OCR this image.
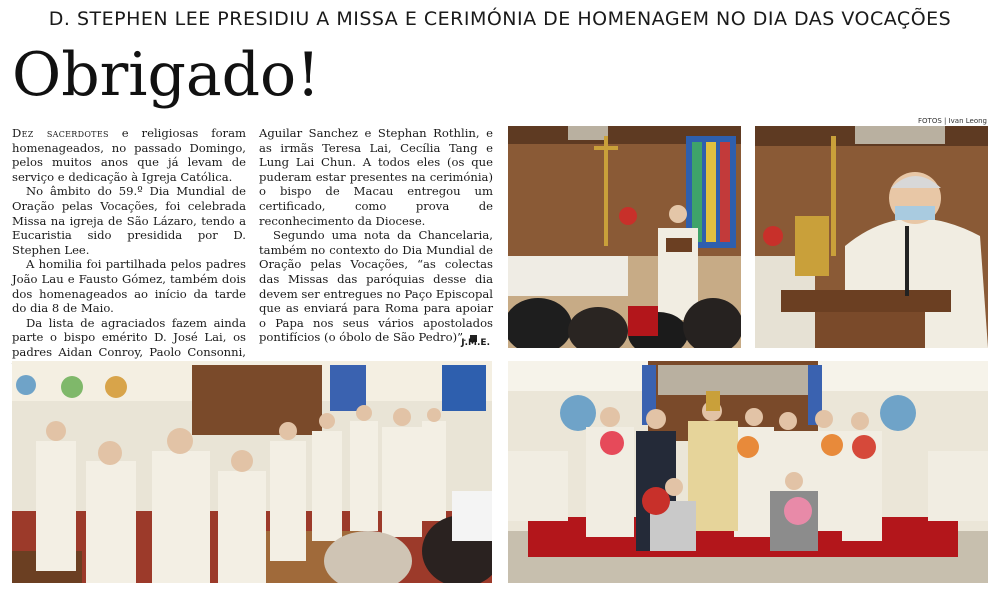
D. STEPHEN LEE PRESIDIU A MISSA E CERIMÓNIA DE HOMENAGEM NO DIA DAS VOCAÇÕES
Obrigado!

Dez sacerdotes e religiosas foram homenageados, no passado Domingo, pelos muitos anos que já levam de serviço e dedicação à Igreja Católica.

No âmbito do 59.º Dia Mundial de Oração pelas Vocações, foi celebrada Missa na igreja de São Lázaro, tendo a Eucaristia sido presidida por D. Stephen Lee.

A homilia foi partilhada pelos padres João Lau e Fausto Gómez, também dois dos homenageados ao início da tarde do dia 8 de Maio.

Da lista de agraciados fazem ainda parte o bispo emérito D. José Lai, os padres Aidan Conroy, Paolo Consonni,

Aguilar Sanchez e Stephan Rothlin, e as irmãs Teresa Lai, Cecília Tang e Lung Lai Chun. A todos eles (os que puderam estar presentes na cerimónia) o bispo de Macau entregou um certificado, como prova de reconhecimento da Diocese.

Segundo uma nota da Chancelaria, também no contexto do Dia Mundial de Oração pelas Vocações, “as colectas das Missas das paróquias desse dia devem ser entregues no Paço Episcopal que as enviará para Roma para apoiar o Papa nos seus vários apostolados pontifícios (o óbolo de São Pedro)”.

J.M.E.
FOTOS | Ivan Leong
